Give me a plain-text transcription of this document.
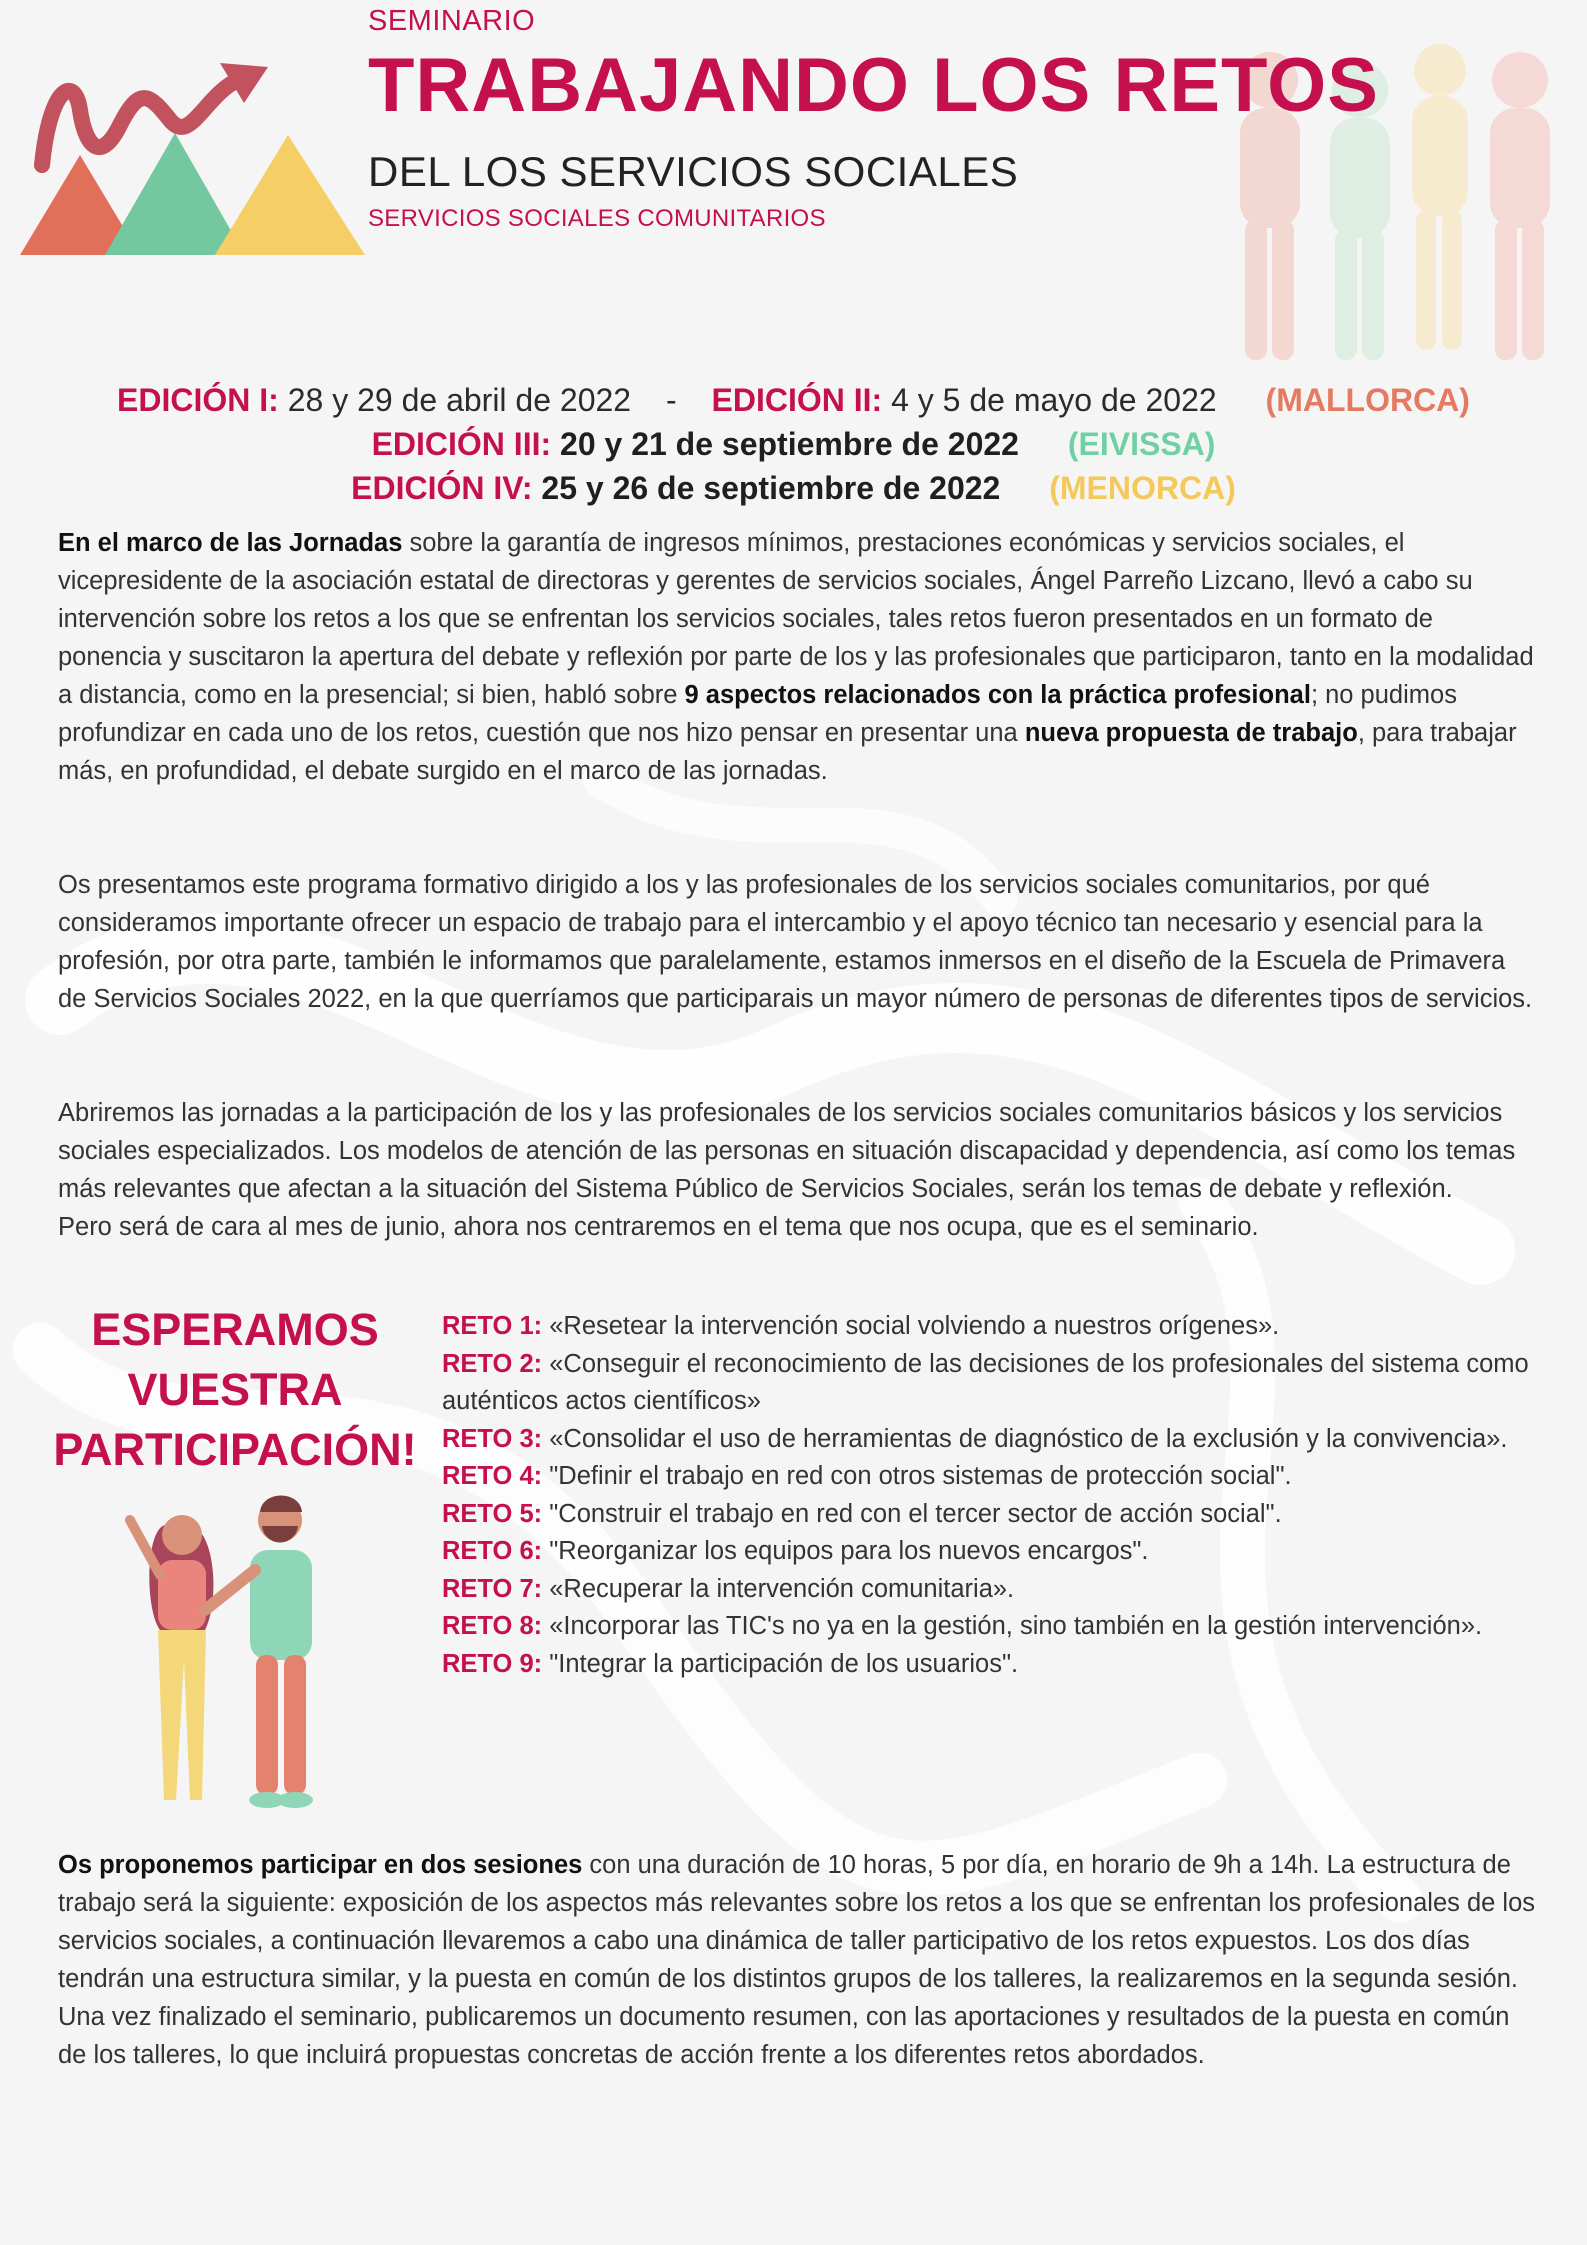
SEMINARIO
TRABAJANDO LOS RETOS
DEL LOS SERVICIOS SOCIALES
SERVICIOS SOCIALES COMUNITARIOS
EDICIÓN I: 28 y 29 de abril de 2022 - EDICIÓN II: 4 y 5 de mayo de 2022 (MALLORCA)
EDICIÓN III: 20 y 21 de septiembre de 2022 (EIVISSA)
EDICIÓN IV: 25 y 26 de septiembre de 2022 (MENORCA)
En el marco de las Jornadas sobre la garantía de ingresos mínimos, prestaciones económicas y servicios sociales, el vicepresidente de la asociación estatal de directoras y gerentes de servicios sociales, Ángel Parreño Lizcano, llevó a cabo su intervención sobre los retos a los que se enfrentan los servicios sociales, tales retos fueron presentados en un formato de ponencia y suscitaron la apertura del debate y reflexión por parte de los y las profesionales que participaron, tanto en la modalidad a distancia, como en la presencial; si bien, habló sobre 9 aspectos relacionados con la práctica profesional; no pudimos profundizar en cada uno de los retos, cuestión que nos hizo pensar en presentar una nueva propuesta de trabajo, para trabajar más, en profundidad, el debate surgido en el marco de las jornadas.
Os presentamos este programa formativo dirigido a los y las profesionales de los servicios sociales comunitarios, por qué consideramos importante ofrecer un espacio de trabajo para el intercambio y el apoyo técnico tan necesario y esencial para la profesión, por otra parte, también le informamos que paralelamente, estamos inmersos en el diseño de la Escuela de Primavera de Servicios Sociales 2022, en la que querríamos que participarais un mayor número de personas de diferentes tipos de servicios.
Abriremos las jornadas a la participación de los y las profesionales de los servicios sociales comunitarios básicos y los servicios sociales especializados. Los modelos de atención de las personas en situación discapacidad y dependencia, así como los temas más relevantes que afectan a la situación del Sistema Público de Servicios Sociales, serán los temas de debate y reflexión.
Pero será de cara al mes de junio, ahora nos centraremos en el tema que nos ocupa, que es el seminario.
ESPERAMOS
VUESTRA
PARTICIPACIÓN!
RETO 1: «Resetear la intervención social volviendo a nuestros orígenes».
RETO 2: «Conseguir el reconocimiento de las decisiones de los profesionales del sistema como auténticos actos científicos»
RETO 3: «Consolidar el uso de herramientas de diagnóstico de la exclusión y la convivencia».
RETO 4: "Definir el trabajo en red con otros sistemas de protección social".
RETO 5: "Construir el trabajo en red con el tercer sector de acción social".
RETO 6: "Reorganizar los equipos para los nuevos encargos".
RETO 7: «Recuperar la intervención comunitaria».
RETO 8: «Incorporar las TIC's no ya en la gestión, sino también en la gestión intervención».
RETO 9: "Integrar la participación de los usuarios".
Os proponemos participar en dos sesiones con una duración de 10 horas, 5 por día, en horario de 9h a 14h. La estructura de trabajo será la siguiente: exposición de los aspectos más relevantes sobre los retos a los que se enfrentan los profesionales de los servicios sociales, a continuación llevaremos a cabo una dinámica de taller participativo de los retos expuestos. Los dos días tendrán una estructura similar, y la puesta en común de los distintos grupos de los talleres, la realizaremos en la segunda sesión.
Una vez finalizado el seminario, publicaremos un documento resumen, con las aportaciones y resultados de la puesta en común de los talleres, lo que incluirá propuestas concretas de acción frente a los diferentes retos abordados.
